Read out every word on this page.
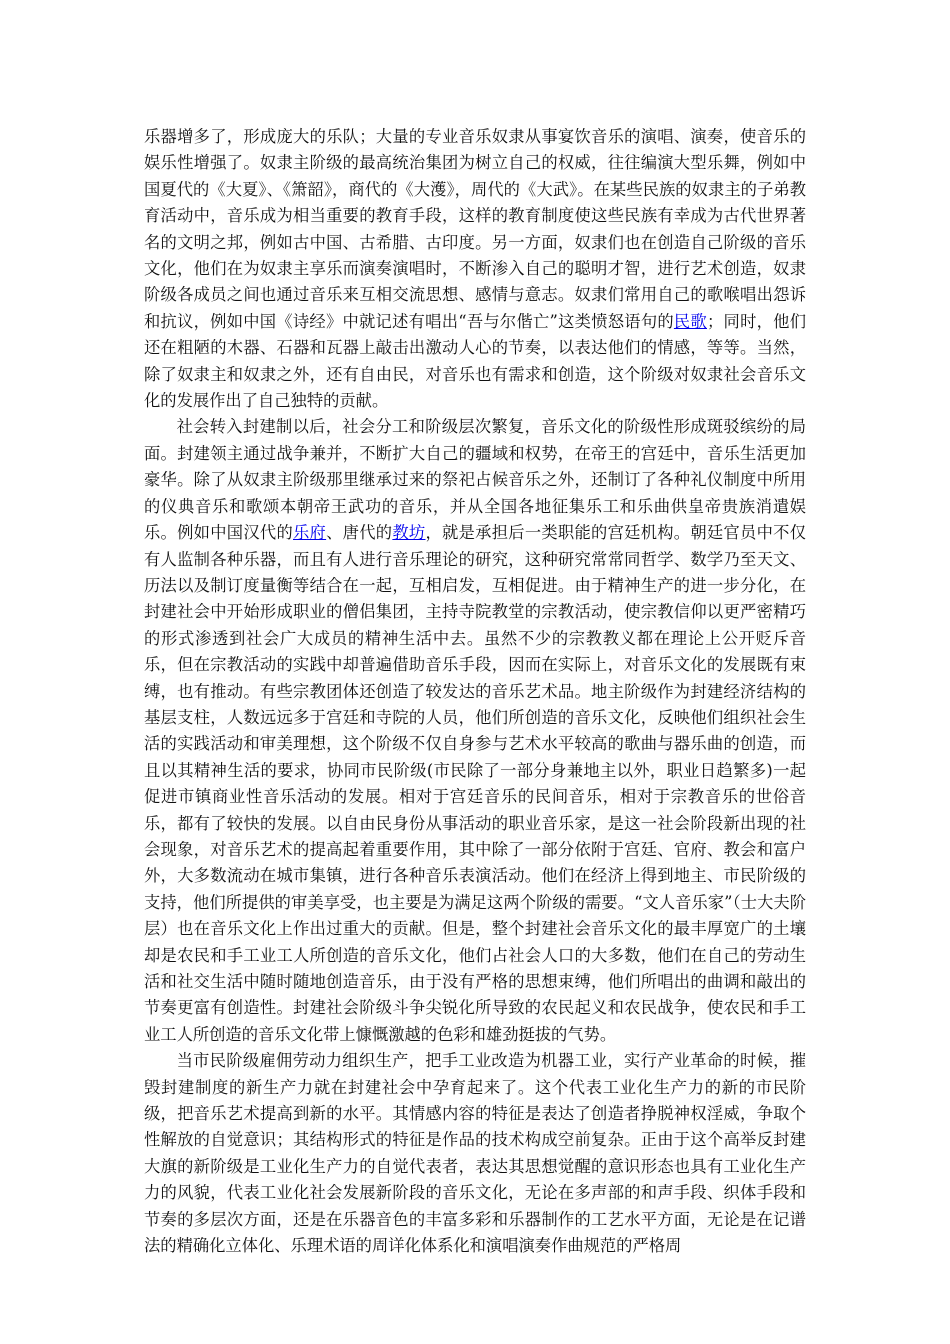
乐器增多了，形成庞大的乐队；大量的专业音乐奴隶从事宴饮音乐的演唱、演奏，使音乐的娱乐性增强了。奴隶主阶级的最高统治集团为树立自己的权威，往往编演大型乐舞，例如中国夏代的《大夏》、《箫韶》，商代的《大濩》，周代的《大武》。在某些民族的奴隶主的子弟教育活动中，音乐成为相当重要的教育手段，这样的教育制度使这些民族有幸成为古代世界著名的文明之邦，例如古中国、古希腊、古印度。另一方面，奴隶们也在创造自己阶级的音乐文化，他们在为奴隶主享乐而演奏演唱时，不断渗入自己的聪明才智，进行艺术创造，奴隶阶级各成员之间也通过音乐来互相交流思想、感情与意志。奴隶们常用自己的歌喉唱出怨诉和抗议，例如中国《诗经》中就记述有唱出“吾与尔偕亡”这类愤怒语句的民歌；同时，他们还在粗陋的木器、石器和瓦器上敲击出激动人心的节奏，以表达他们的情感，等等。当然，除了奴隶主和奴隶之外，还有自由民，对音乐也有需求和创造，这个阶级对奴隶社会音乐文化的发展作出了自己独特的贡献。

社会转入封建制以后，社会分工和阶级层次繁复，音乐文化的阶级性形成斑驳缤纷的局面。封建领主通过战争兼并，不断扩大自己的疆域和权势，在帝王的宫廷中，音乐生活更加豪华。除了从奴隶主阶级那里继承过来的祭祀占候音乐之外，还制订了各种礼仪制度中所用的仪典音乐和歌颂本朝帝王武功的音乐，并从全国各地征集乐工和乐曲供皇帝贵族消遣娱乐。例如中国汉代的乐府、唐代的教坊，就是承担后一类职能的宫廷机构。朝廷官员中不仅有人监制各种乐器，而且有人进行音乐理论的研究，这种研究常常同哲学、数学乃至天文、历法以及制订度量衡等结合在一起，互相启发，互相促进。由于精神生产的进一步分化，在封建社会中开始形成职业的僧侣集团，主持寺院教堂的宗教活动，使宗教信仰以更严密精巧的形式渗透到社会广大成员的精神生活中去。虽然不少的宗教教义都在理论上公开贬斥音乐，但在宗教活动的实践中却普遍借助音乐手段，因而在实际上，对音乐文化的发展既有束缚，也有推动。有些宗教团体还创造了较发达的音乐艺术品。地主阶级作为封建经济结构的基层支柱，人数远远多于宫廷和寺院的人员，他们所创造的音乐文化，反映他们组织社会生活的实践活动和审美理想，这个阶级不仅自身参与艺术水平较高的歌曲与器乐曲的创造，而且以其精神生活的要求，协同市民阶级(市民除了一部分身兼地主以外，职业日趋繁多)一起促进市镇商业性音乐活动的发展。相对于宫廷音乐的民间音乐，相对于宗教音乐的世俗音乐，都有了较快的发展。以自由民身份从事活动的职业音乐家，是这一社会阶段新出现的社会现象，对音乐艺术的提高起着重要作用，其中除了一部分依附于宫廷、官府、教会和富户外，大多数流动在城市集镇，进行各种音乐表演活动。他们在经济上得到地主、市民阶级的支持，他们所提供的审美享受，也主要是为满足这两个阶级的需要。“文人音乐家”（士大夫阶层）也在音乐文化上作出过重大的贡献。但是，整个封建社会音乐文化的最丰厚宽广的土壤却是农民和手工业工人所创造的音乐文化，他们占社会人口的大多数，他们在自己的劳动生活和社交生活中随时随地创造音乐，由于没有严格的思想束缚，他们所唱出的曲调和敲出的节奏更富有创造性。封建社会阶级斗争尖锐化所导致的农民起义和农民战争，使农民和手工业工人所创造的音乐文化带上慷慨激越的色彩和雄劲挺拔的气势。

当市民阶级雇佣劳动力组织生产，把手工业改造为机器工业，实行产业革命的时候，摧毁封建制度的新生产力就在封建社会中孕育起来了。这个代表工业化生产力的新的市民阶级，把音乐艺术提高到新的水平。其情感内容的特征是表达了创造者挣脱神权淫威，争取个性解放的自觉意识；其结构形式的特征是作品的技术构成空前复杂。正由于这个高举反封建大旗的新阶级是工业化生产力的自觉代表者，表达其思想觉醒的意识形态也具有工业化生产力的风貌，代表工业化社会发展新阶段的音乐文化，无论在多声部的和声手段、织体手段和节奏的多层次方面，还是在乐器音色的丰富多彩和乐器制作的工艺水平方面，无论是在记谱法的精确化立体化、乐理术语的周详化体系化和演唱演奏作曲规范的严格周
